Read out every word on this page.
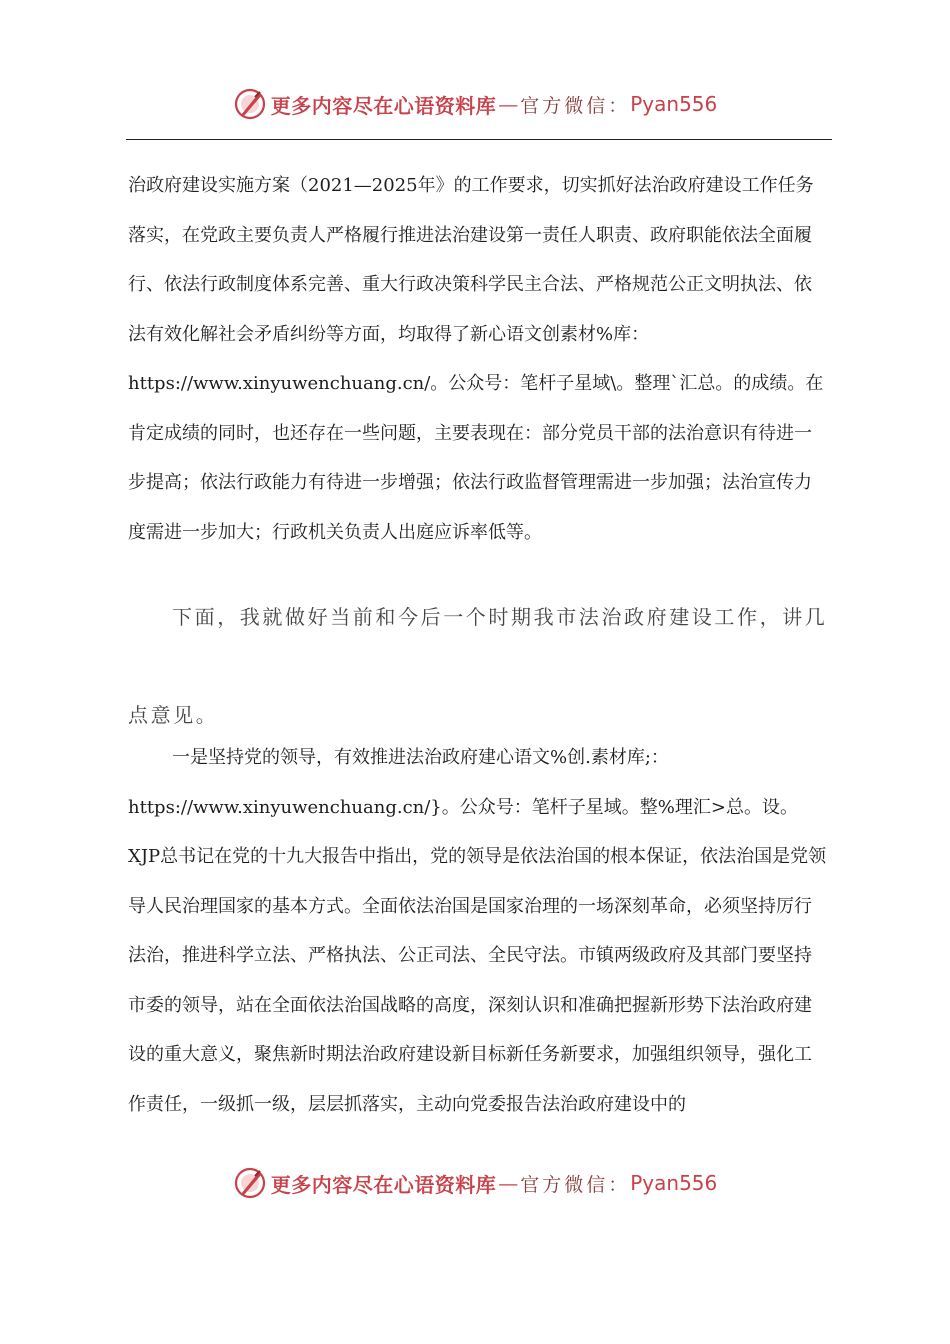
更多内容尽在心语资料库 — 官方微信： Pyan556

治政府建设实施方案（2021—2025年》的工作要求，切实抓好法治政府建设工作任务落实，在党政主要负责人严格履行推进法治建设第一责任人职责、政府职能依法全面履行、依法行政制度体系完善、重大行政决策科学民主合法、严格规范公正文明执法、依法有效化解社会矛盾纠纷等方面，均取得了新心语文创素材%库：https://www.xinyuwenchuang.cn/。公众号：笔杆子星域\。整理`汇总。的成绩。在肯定成绩的同时，也还存在一些问题，主要表现在：部分党员干部的法治意识有待进一步提高；依法行政能力有待进一步增强；依法行政监督管理需进一步加强；法治宣传力度需进一步加大；行政机关负责人出庭应诉率低等。

下面，我就做好当前和今后一个时期我市法治政府建设工作，讲几点意见。

一是坚持党的领导，有效推进法治政府建心语文%创.素材库;：https://www.xinyuwenchuang.cn/}。公众号：笔杆子星域。整%理汇>总。设。XJP总书记在党的十九大报告中指出，党的领导是依法治国的根本保证，依法治国是党领导人民治理国家的基本方式。全面依法治国是国家治理的一场深刻革命，必须坚持厉行法治，推进科学立法、严格执法、公正司法、全民守法。市镇两级政府及其部门要坚持市委的领导，站在全面依法治国战略的高度，深刻认识和准确把握新形势下法治政府建设的重大意义，聚焦新时期法治政府建设新目标新任务新要求，加强组织领导，强化工作责任，一级抓一级，层层抓落实，主动向党委报告法治政府建设中的

更多内容尽在心语资料库 — 官方微信： Pyan556
